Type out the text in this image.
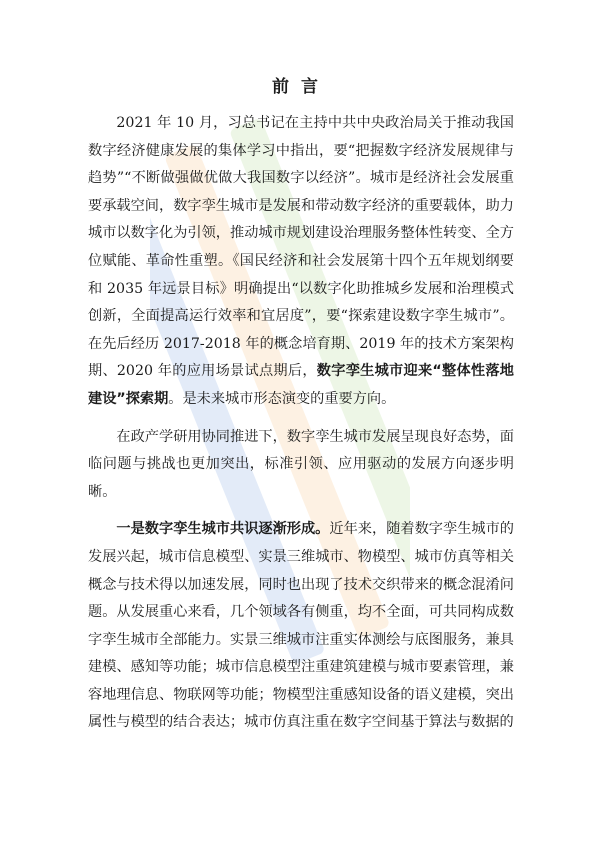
前言

2021 年 10 月，习总书记在主持中共中央政治局关于推动我国数字经济健康发展的集体学习中指出，要“把握数字经济发展规律与趋势”“不断做强做优做大我国数字以经济”。城市是经济社会发展重要承载空间，数字孪生城市是发展和带动数字经济的重要载体，助力城市以数字化为引领，推动城市规划建设治理服务整体性转变、全方位赋能、革命性重塑。《国民经济和社会发展第十四个五年规划纲要和 2035 年远景目标》明确提出“以数字化助推城乡发展和治理模式创新，全面提高运行效率和宜居度”，要“探索建设数字孪生城市”。在先后经历 2017-2018 年的概念培育期、2019 年的技术方案架构期、2020 年的应用场景试点期后，数字孪生城市迎来“整体性落地建设”探索期。是未来城市形态演变的重要方向。

在政产学研用协同推进下，数字孪生城市发展呈现良好态势，面临问题与挑战也更加突出，标准引领、应用驱动的发展方向逐步明晰。

一是数字孪生城市共识逐渐形成。近年来，随着数字孪生城市的发展兴起，城市信息模型、实景三维城市、物模型、城市仿真等相关概念与技术得以加速发展，同时也出现了技术交织带来的概念混淆问题。从发展重心来看，几个领域各有侧重，均不全面，可共同构成数字孪生城市全部能力。实景三维城市注重实体测绘与底图服务，兼具建模、感知等功能；城市信息模型注重建筑建模与城市要素管理，兼容地理信息、物联网等功能；物模型注重感知设备的语义建模，突出属性与模型的结合表达；城市仿真注重在数字空间基于算法与数据的
